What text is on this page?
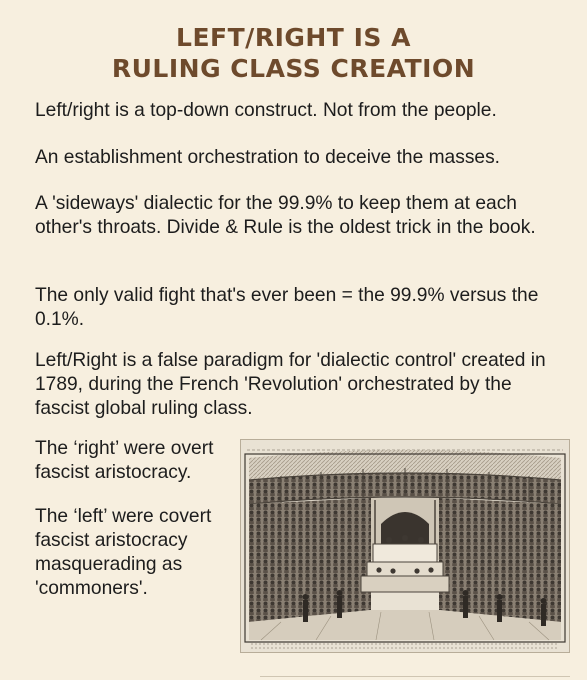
LEFT/RIGHT IS A
RULING CLASS CREATION

Left/right is a top-down construct. Not from the people.

An establishment orchestration to deceive the masses.

A 'sideways' dialectic for the 99.9% to keep them at each other's throats. Divide & Rule is the oldest trick in the book.

The only valid fight that's ever been = the 99.9% versus the 0.1%.

Left/Right is a false paradigm for 'dialectic control' created in 1789, during the French 'Revolution' orchestrated by the fascist global ruling class.

The ‘right’ were overt fascist aristocracy.

The ‘left’ were covert fascist aristocracy masquerading as 'commoners'.
